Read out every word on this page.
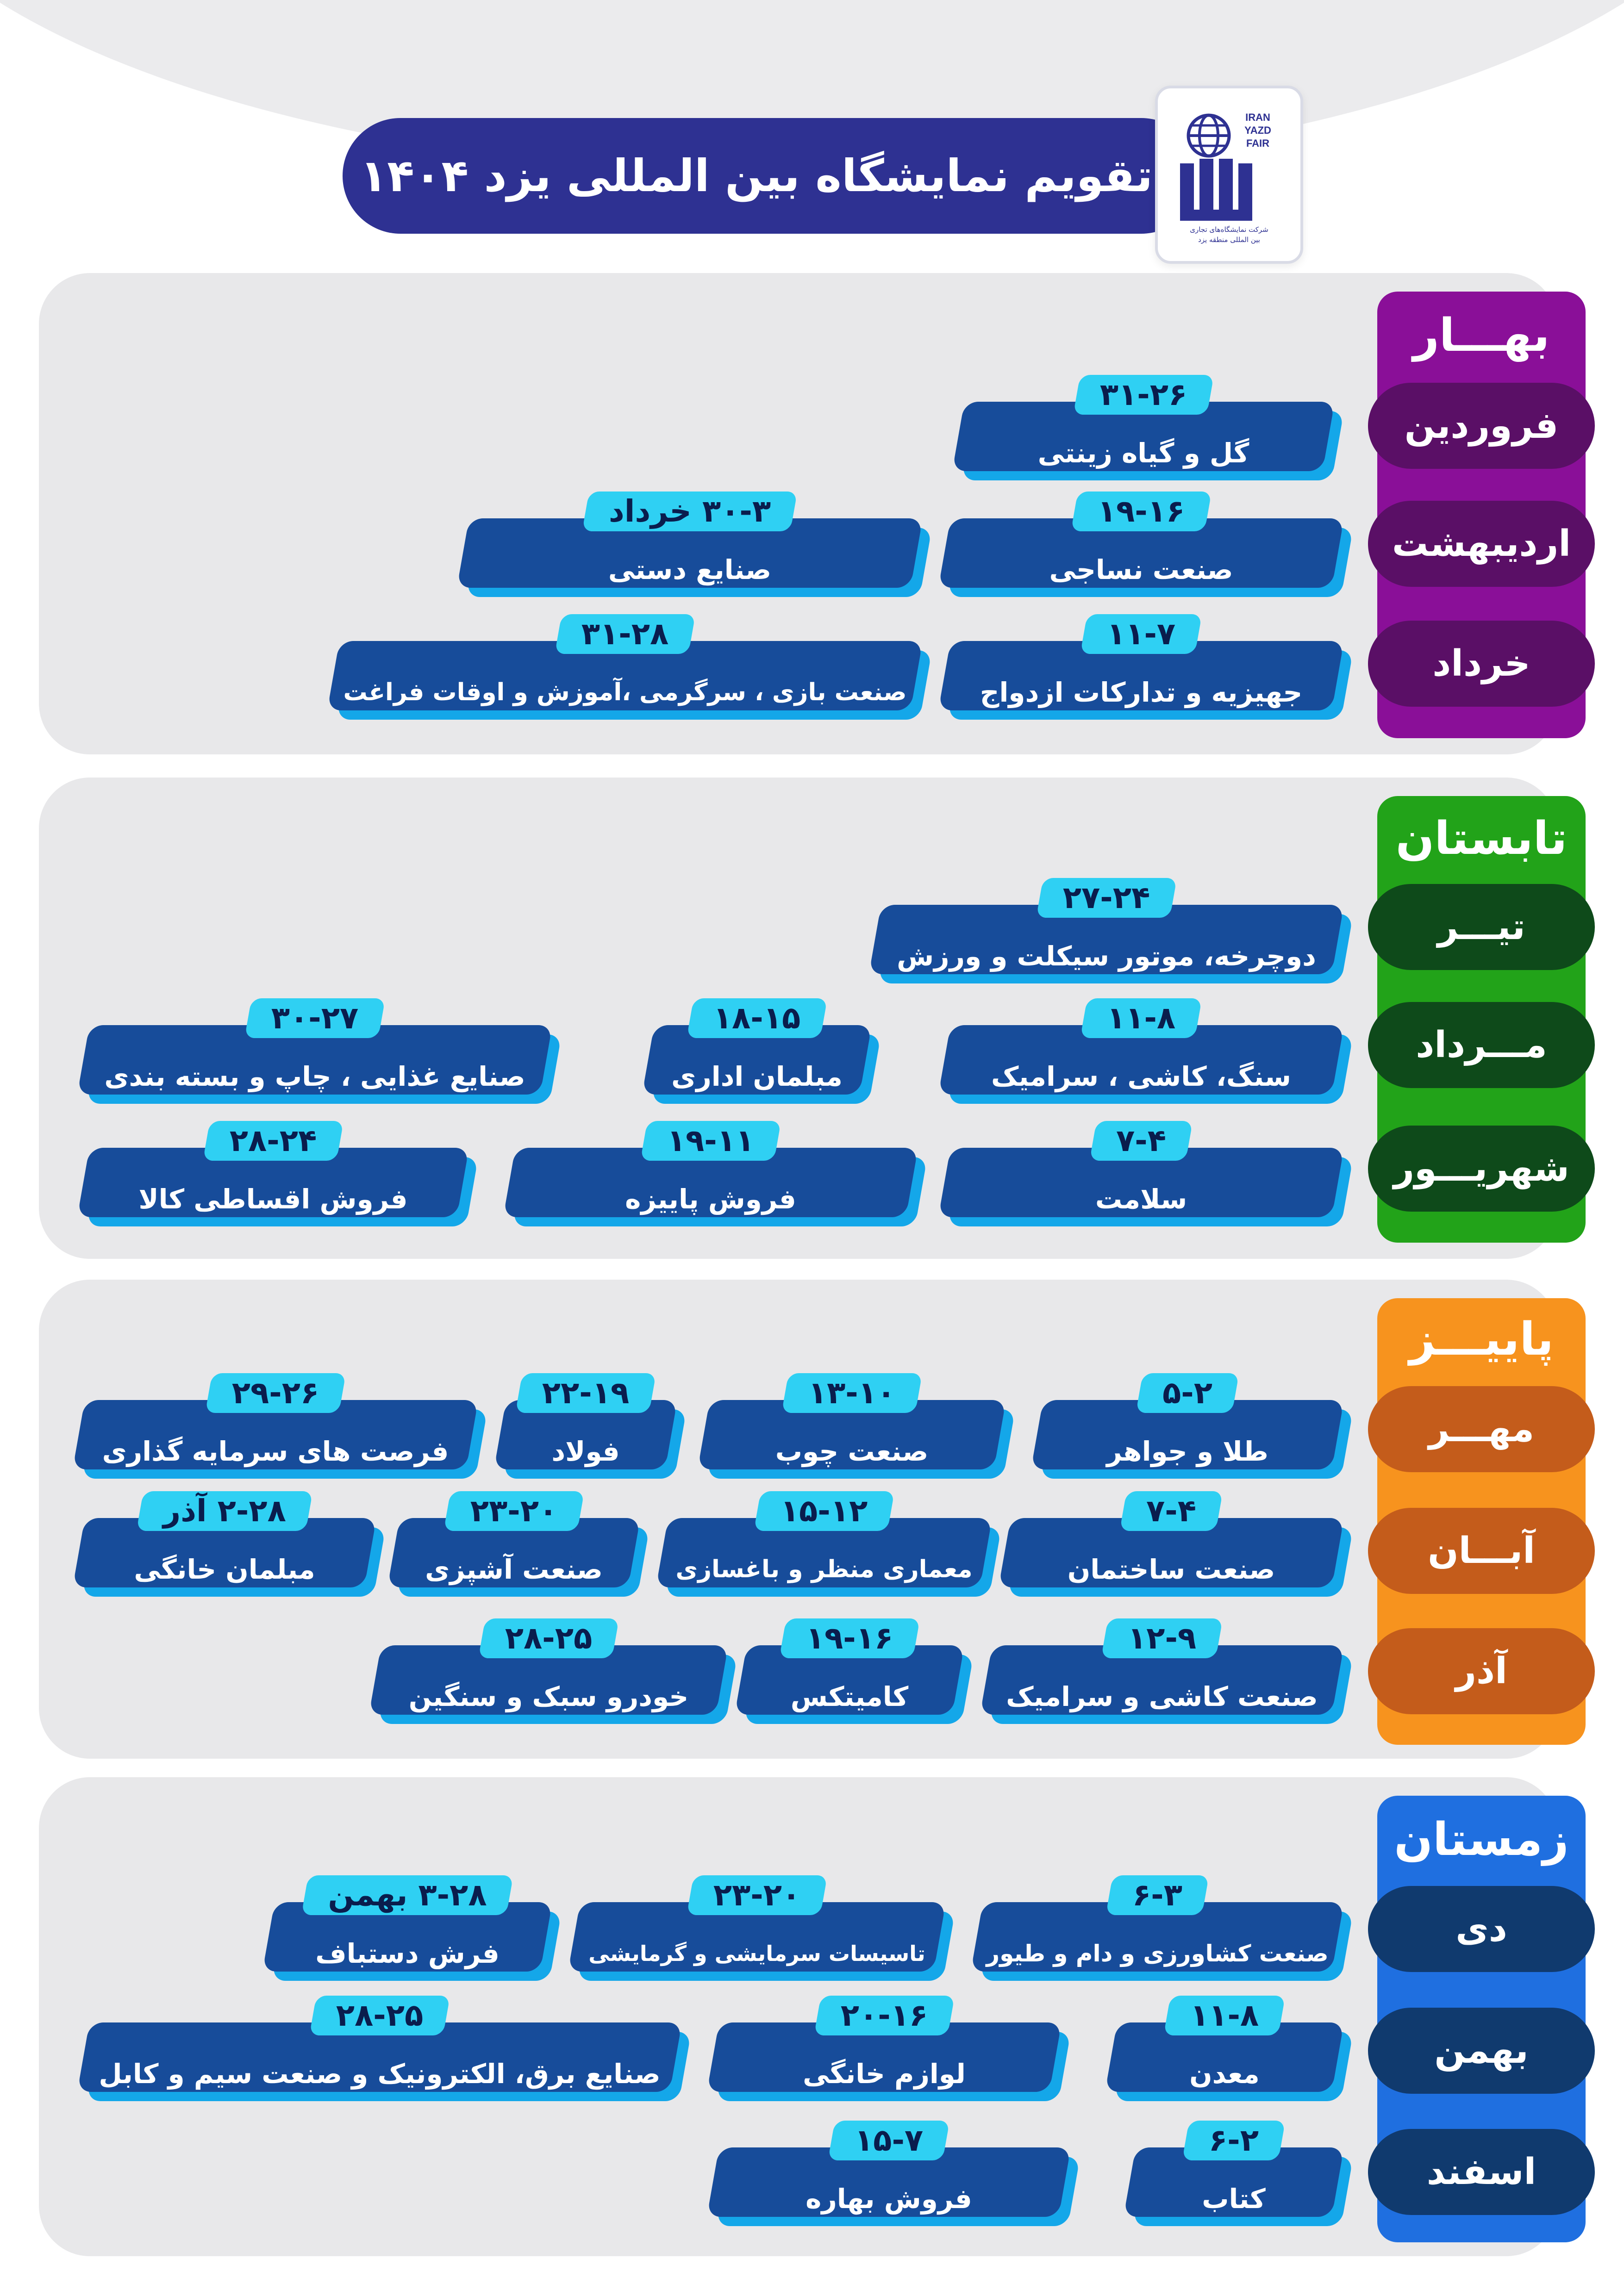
تقویم نمایشگاه بین المللی یزد ۱۴۰۴
IRAN
YAZD
FAIR
شرکت نمایشگاه‌های تجاری
بین المللی منطقه یزد
بهـــار
فروردین
۳۱-۲۶
گل و گیاه زینتی
اردیبهشت
۱۹-۱۶
صنعت نساجی
۳۰-۳ خرداد
صنایع دستی
خرداد
۱۱-۷
جهیزیه و تدارکات ازدواج
۳۱-۲۸
صنعت بازی ، سرگرمی ،آموزش و اوقات فراغت
تابستان
تیـــر
۲۷-۲۴
دوچرخه، موتور سیکلت و ورزش
مـــرداد
۱۱-۸
سنگ، کاشی ، سرامیک
۱۸-۱۵
مبلمان اداری
۳۰-۲۷
صنایع غذایی ، چاپ و بسته بندی
شهریـــور
۷-۴
سلامت
۱۹-۱۱
فروش پاییزه
۲۸-۲۴
فروش اقساطی کالا
پاییـــز
مهـــر
۵-۲
طلا و جواهر
۱۳-۱۰
صنعت چوب
۲۲-۱۹
فولاد
۲۹-۲۶
فرصت های سرمایه گذاری
آبـــان
۷-۴
صنعت ساختمان
۱۵-۱۲
معماری منظر و باغسازی
۲۳-۲۰
صنعت آشپزی
۲-۲۸ آذر
مبلمان خانگی
آذر
۱۲-۹
صنعت کاشی و سرامیک
۱۹-۱۶
کامیتکس
۲۸-۲۵
خودرو سبک و سنگین
زمستان
دی
۶-۳
صنعت کشاورزی و دام و طیور
۲۳-۲۰
تاسیسات سرمایشی و گرمایشی
۳-۲۸ بهمن
فرش دستباف
بهمن
۱۱-۸
معدن
۲۰-۱۶
لوازم خانگی
۲۸-۲۵
صنایع برق، الکترونیک و صنعت سیم و کابل
اسفند
۶-۲
کتاب
۱۵-۷
فروش بهاره
